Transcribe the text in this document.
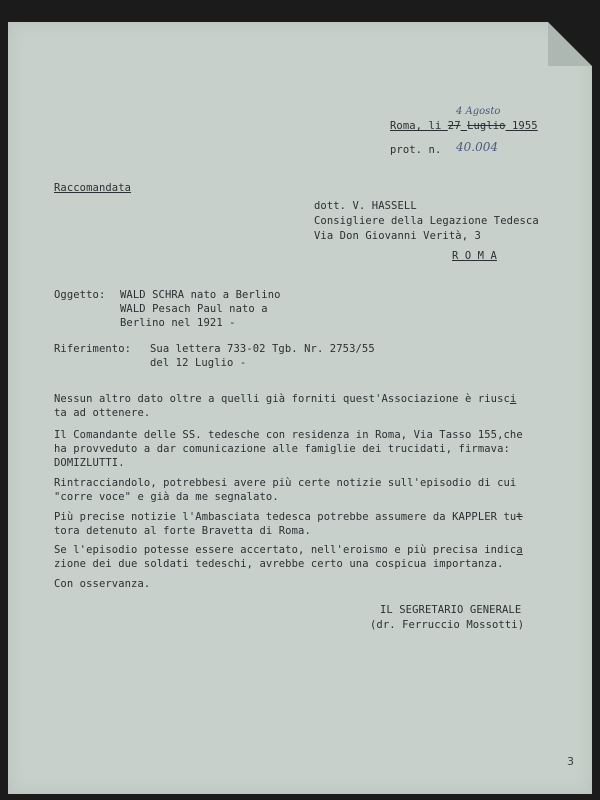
Roma, li 27 Luglio 1955
4 Agosto
prot. n. 40.004
Raccomandata
dott. V. HASSELL
Consigliere della Legazione Tedesca
Via Don Giovanni Verità, 3
R O M A
Oggetto: WALD SCHRA nato a Berlino
WALD Pesach Paul nato a
Berlino nel 1921 -
Riferimento: Sua lettera 733-02 Tgb. Nr. 2753/55
del 12 Luglio -
Nessun altro dato oltre a quelli già forniti quest'Associazione è riusci
ta ad ottenere.
Il Comandante delle SS. tedesche con residenza in Roma, Via Tasso 155,che
ha provveduto a dar comunicazione alle famiglie dei trucidati, firmava:
DOMIZLUTTI.
Rintracciandolo, potrebbesi avere più certe notizie sull'episodio di cui
"corre voce" e già da me segnalato.
Più precise notizie l'Ambasciata tedesca potrebbe assumere da KAPPLER tut
tora detenuto al forte Bravetta di Roma.
Se l'episodio potesse essere accertato, nell'eroismo e più precisa indica
zione dei due soldati tedeschi, avrebbe certo una cospicua importanza.
Con osservanza.
IL SEGRETARIO GENERALE
(dr. Ferruccio Mossotti)
3
